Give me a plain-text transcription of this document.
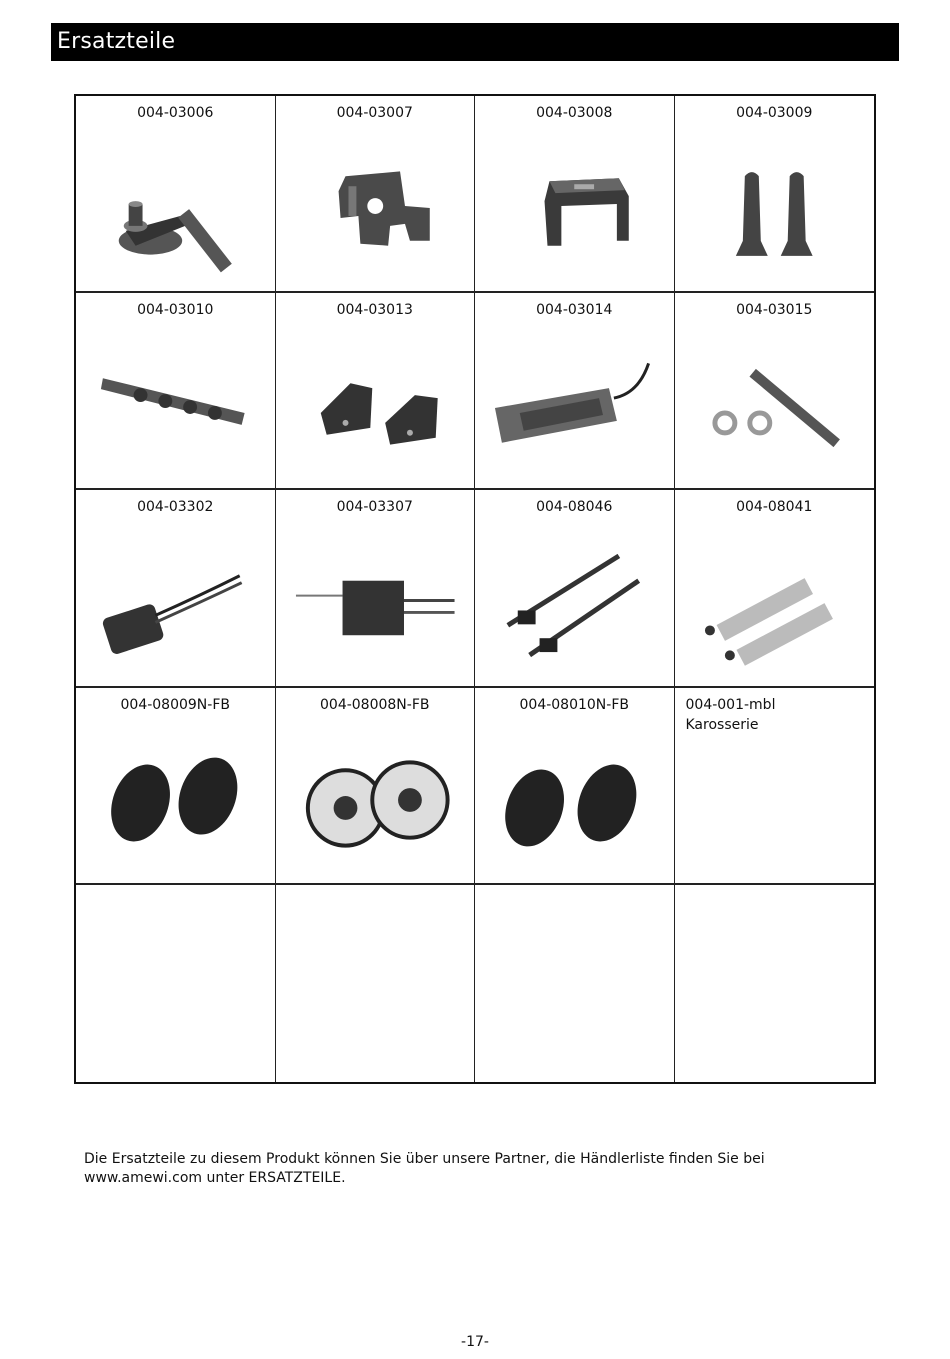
Ersatzteile
004-03006	004-03007	004-03008	004-03009
004-03010	004-03013	004-03014	004-03015
004-03302	004-03307	004-08046	004-08041
004-08009N-FB	004-08008N-FB	004-08010N-FB	004-001-mbl
Karosserie
Die Ersatzteile zu diesem Produkt können Sie über unsere Partner, die Händlerliste finden Sie bei
www.amewi.com unter ERSATZTEILE.
-17-
